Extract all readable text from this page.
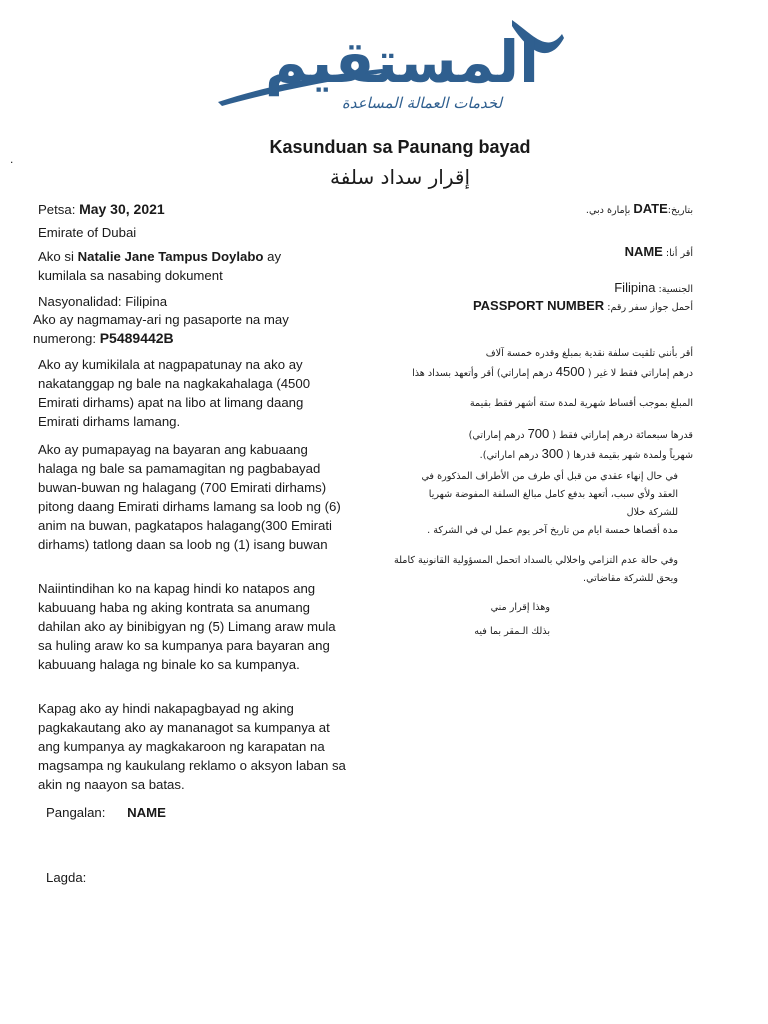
المستقيم
لخدمات العمالة المساعدة
.
Kasunduan sa Paunang bayad
إقرار سداد سلفة
Petsa: May 30, 2021
Emirate of Dubai
Ako si Natalie Jane Tampus Doylabo ay
kumilala sa nasabing dokument
Nasyonalidad: Filipina
Ako ay nagmamay-ari ng pasaporte na may
numerong: P5489442B

Ako ay kumikilala at nagpapatunay na ako ay nakatanggap ng bale na nagkakahalaga (4500 Emirati dirhams) apat na libo at limang daang Emirati dirhams lamang.

Ako ay pumapayag na bayaran ang kabuaang halaga ng bale sa pamamagitan ng pagbabayad buwan-buwan ng halagang (700 Emirati dirhams) pitong daang Emirati dirhams lamang sa loob ng (6) anim na buwan, pagkatapos halagang(300 Emirati dirhams) tatlong daan sa loob ng (1) isang buwan

Naiintindihan ko na kapag hindi ko natapos ang kabuuang haba ng aking kontrata sa anumang dahilan ako ay binibigyan ng (5) Limang araw mula sa huling araw ko sa kumpanya para bayaran ang kabuuang halaga ng binale ko sa kumpanya.

Kapag ako ay hindi nakapagbayad ng aking pagkakautang ako ay mananagot sa kumpanya at ang kumpanya ay magkakaroon ng karapatan na magsampa ng kaukulang reklamo o aksyon laban sa akin ng naayon sa batas.

Pangalan: NAME
Lagda:
بتاريخ:DATE بإمارة دبي.
أقر أنا: NAME
الجنسية: Filipina
أحمل جواز سفر رقم: PASSPORT NUMBER
أقر بأنني تلقيت سلفة نقدية بمبلغ وقدره خمسة آلاف
درهم إماراتي فقط لا غير ( 4500 درهم إماراتي) أقر وأتعهد بسداد هذا
المبلغ بموجب أقساط شهرية لمدة ستة أشهر فقط بقيمة
قدرها سبعمائة درهم إماراتي فقط ( 700 درهم إماراتي)
شهرياً ولمدة شهر بقيمة قدرها ( 300 درهم اماراتي).
في حال إنهاء عقدي من قبل أي طرف من الأطراف المذكورة في
العقد ولأي سبب، أتعهد بدفع كامل مبالغ السلفة المفوضة شهريا
للشركة خلال
مدة أقصاها خمسة ايام من تاريخ آخر يوم عمل لي في الشركة .
وفي حالة عدم التزامي واخلالي بالسداد اتحمل المسؤولية القانونية كاملة
ويحق للشركة مقاضاتي.
وهذا إقرار مني
بذلك الـمقر بما فيه
